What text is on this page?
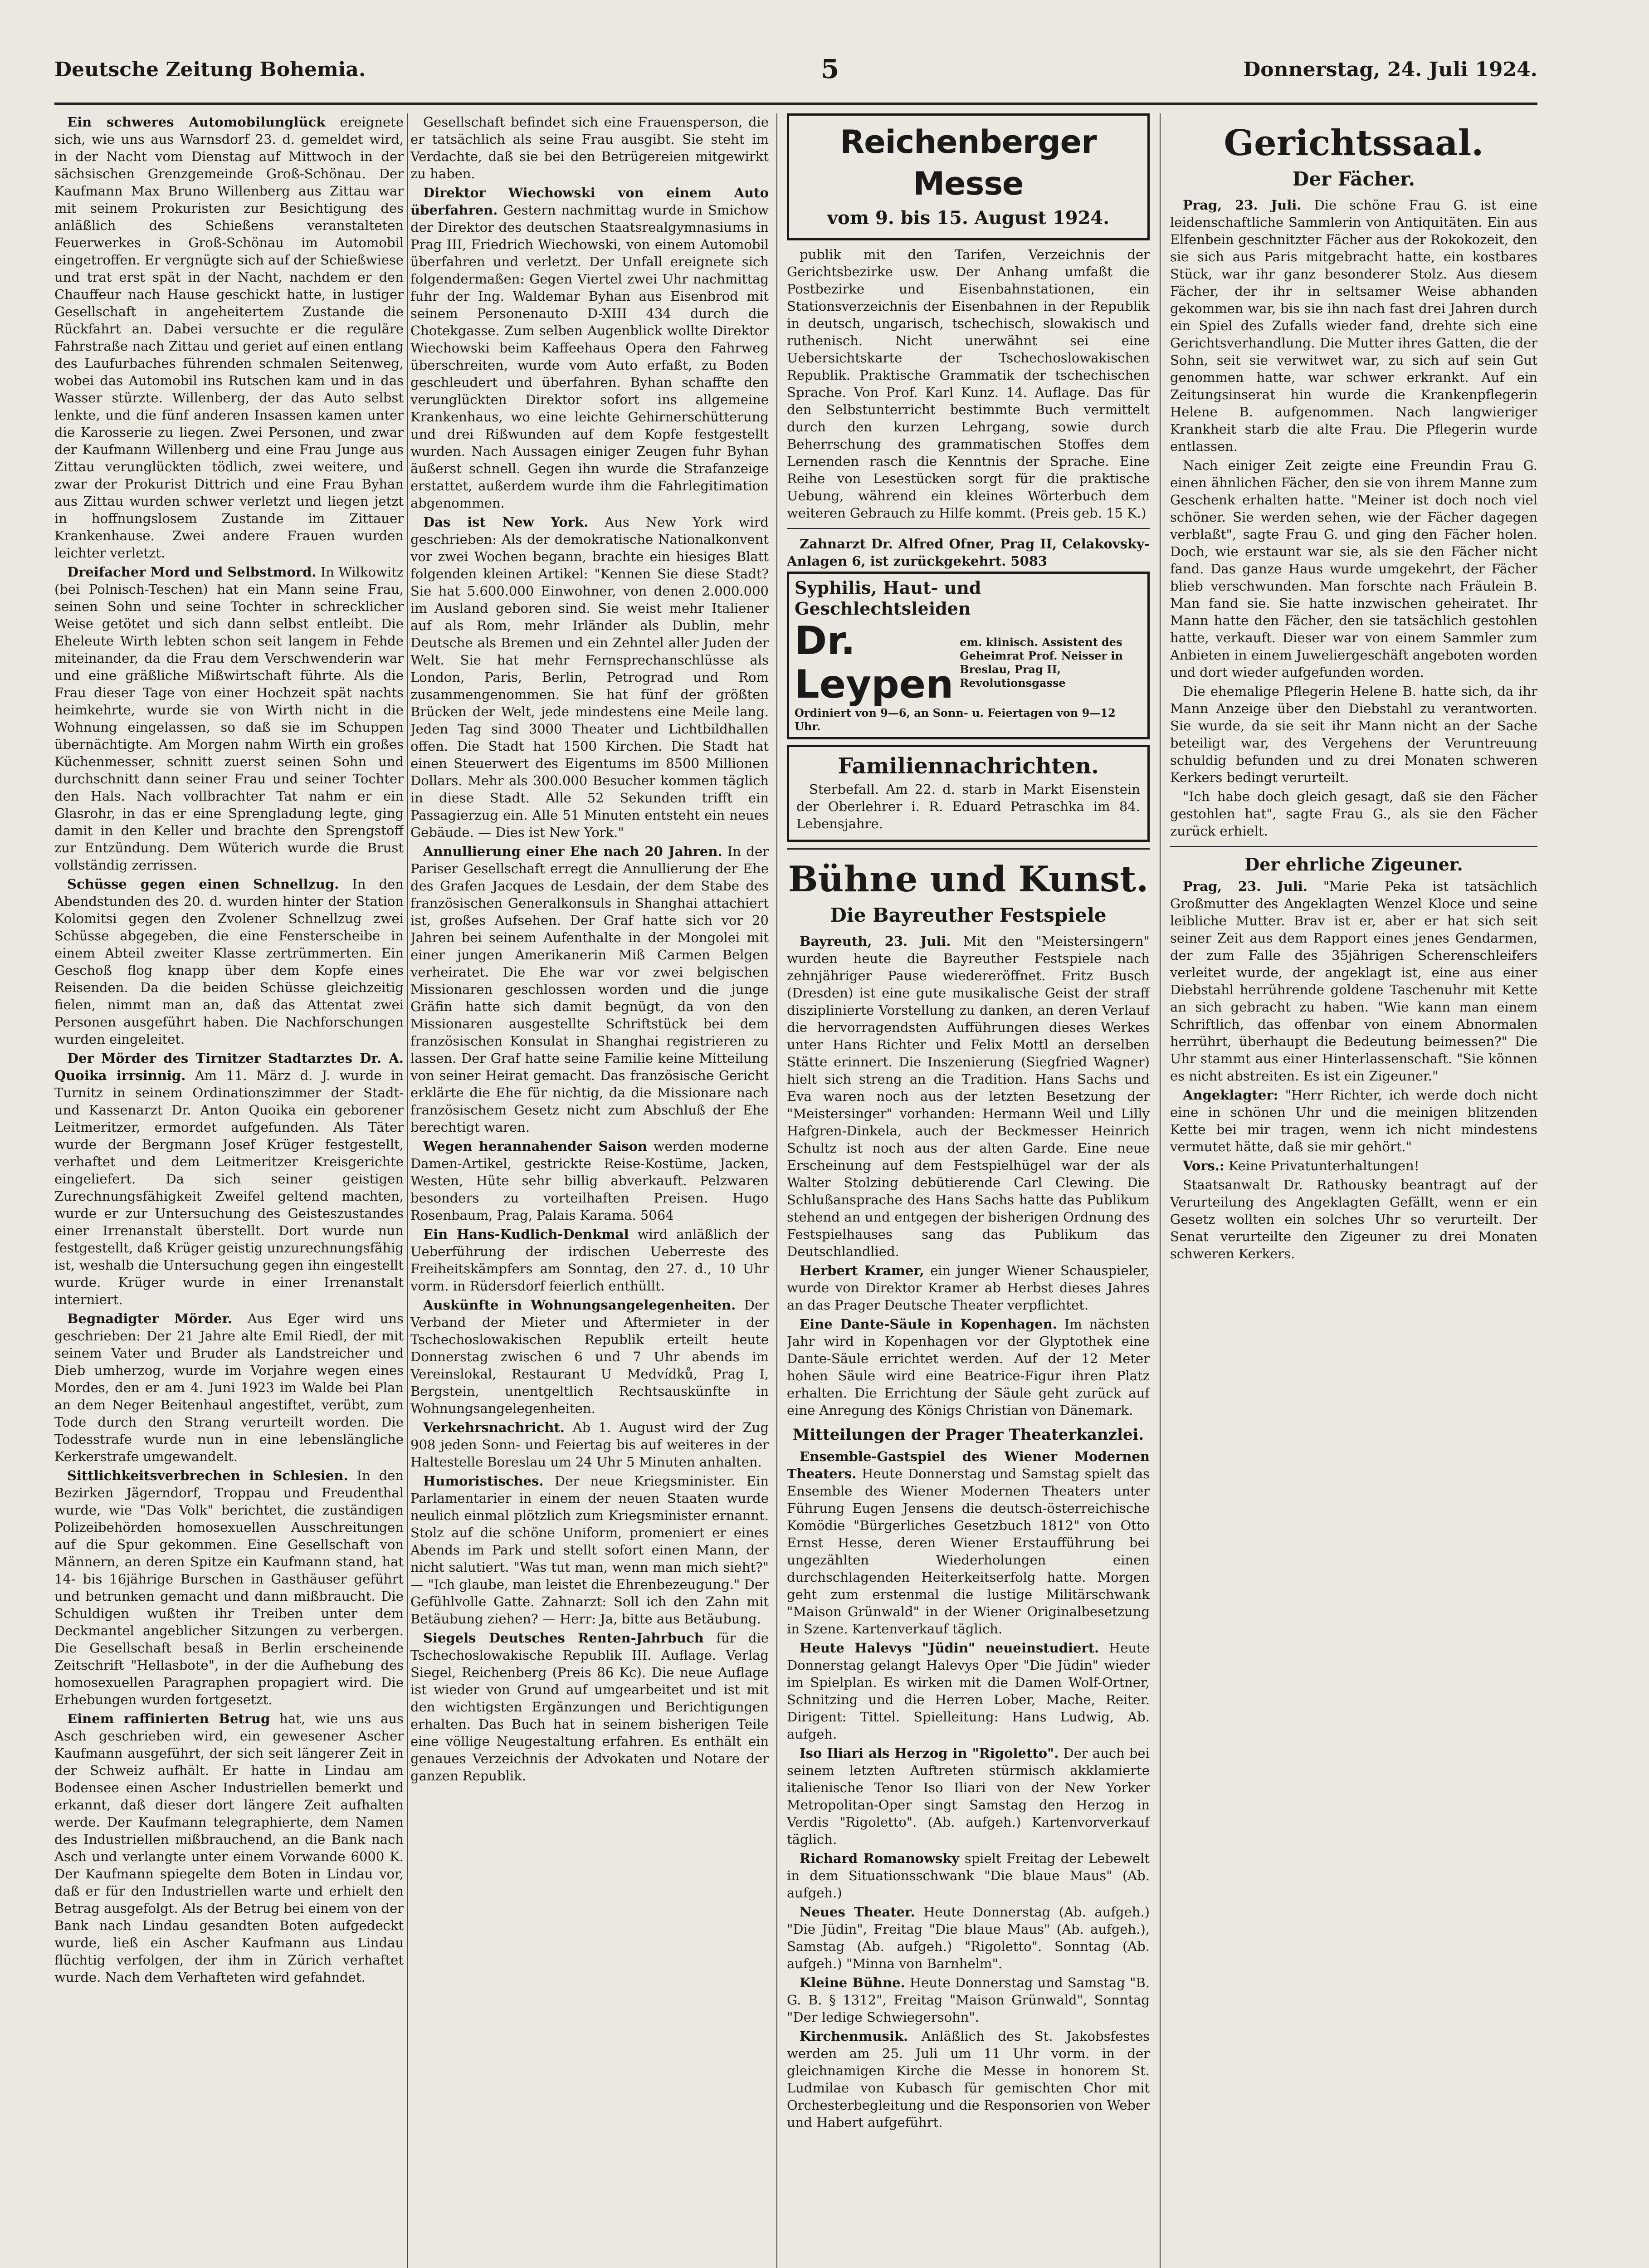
Deutsche Zeitung Bohemia.	5	Donnerstag, 24. Juli 1924.

Ein schweres Automobilunglück ereignete sich, wie uns aus Warnsdorf 23. d. gemeldet wird, in der Nacht vom Dienstag auf Mittwoch in der sächsischen Grenzgemeinde Groß-Schönau. Der Kaufmann Max Bruno Willenberg aus Zittau war mit seinem Prokuristen zur Besichtigung des anläßlich des Schießens veranstalteten Feuerwerkes in Groß-Schönau im Automobil eingetroffen. Er vergnügte sich auf der Schießwiese und trat erst spät in der Nacht, nachdem er den Chauffeur nach Hause geschickt hatte, in lustiger Gesellschaft in angeheitertem Zustande die Rückfahrt an. Dabei versuchte er die reguläre Fahrstraße nach Zittau und geriet auf einen entlang des Laufurbaches führenden schmalen Seitenweg, wobei das Automobil ins Rutschen kam und in das Wasser stürzte. Willenberg, der das Auto selbst lenkte, und die fünf anderen Insassen kamen unter die Karosserie zu liegen. Zwei Personen, und zwar der Kaufmann Willenberg und eine Frau Junge aus Zittau verunglückten tödlich, zwei weitere, und zwar der Prokurist Dittrich und eine Frau Byhan aus Zittau wurden schwer verletzt und liegen jetzt in hoffnungslosem Zustande im Zittauer Krankenhause. Zwei andere Frauen wurden leichter verletzt.

Dreifacher Mord und Selbstmord. In Wilkowitz (bei Polnisch-Teschen) hat ein Mann seine Frau, seinen Sohn und seine Tochter in schrecklicher Weise getötet und sich dann selbst entleibt. Die Eheleute Wirth lebten schon seit langem in Fehde miteinander, da die Frau dem Verschwenderin war und eine gräßliche Mißwirtschaft führte. Als die Frau dieser Tage von einer Hochzeit spät nachts heimkehrte, wurde sie von Wirth nicht in die Wohnung eingelassen, so daß sie im Schuppen übernächtigte. Am Morgen nahm Wirth ein großes Küchenmesser, schnitt zuerst seinen Sohn und durchschnitt dann seiner Frau und seiner Tochter den Hals. Nach vollbrachter Tat nahm er ein Glasrohr, in das er eine Sprengladung legte, ging damit in den Keller und brachte den Sprengstoff zur Entzündung. Dem Wüterich wurde die Brust vollständig zerrissen.

Schüsse gegen einen Schnellzug. In den Abendstunden des 20. d. wurden hinter der Station Kolomitsi gegen den Zvolener Schnellzug zwei Schüsse abgegeben, die eine Fensterscheibe in einem Abteil zweiter Klasse zertrümmerten. Ein Geschoß flog knapp über dem Kopfe eines Reisenden. Da die beiden Schüsse gleichzeitig fielen, nimmt man an, daß das Attentat zwei Personen ausgeführt haben. Die Nachforschungen wurden eingeleitet.

Der Mörder des Tirnitzer Stadtarztes Dr. A. Quoika irrsinnig. Am 11. März d. J. wurde in Turnitz in seinem Ordinationszimmer der Stadt- und Kassenarzt Dr. Anton Quoika ein geborener Leitmeritzer, ermordet aufgefunden. Als Täter wurde der Bergmann Josef Krüger festgestellt, verhaftet und dem Leitmeritzer Kreisgerichte eingeliefert. Da sich seiner geistigen Zurechnungsfähigkeit Zweifel geltend machten, wurde er zur Untersuchung des Geisteszustandes einer Irrenanstalt überstellt. Dort wurde nun festgestellt, daß Krüger geistig unzurechnungsfähig ist, weshalb die Untersuchung gegen ihn eingestellt wurde. Krüger wurde in einer Irrenanstalt interniert.

Begnadigter Mörder. Aus Eger wird uns geschrieben: Der 21 Jahre alte Emil Riedl, der mit seinem Vater und Bruder als Landstreicher und Dieb umherzog, wurde im Vorjahre wegen eines Mordes, den er am 4. Juni 1923 im Walde bei Plan an dem Neger Beitenhaul angestiftet, verübt, zum Tode durch den Strang verurteilt worden. Die Todesstrafe wurde nun in eine lebenslängliche Kerkerstrafe umgewandelt.

Sittlichkeitsverbrechen in Schlesien. In den Bezirken Jägerndorf, Troppau und Freudenthal wurde, wie "Das Volk" berichtet, die zuständigen Polizeibehörden homosexuellen Ausschreitungen auf die Spur gekommen. Eine Gesellschaft von Männern, an deren Spitze ein Kaufmann stand, hat 14- bis 16jährige Burschen in Gasthäuser geführt und betrunken gemacht und dann mißbraucht. Die Schuldigen wußten ihr Treiben unter dem Deckmantel angeblicher Sitzungen zu verbergen. Die Gesellschaft besaß in Berlin erscheinende Zeitschrift "Hellasbote", in der die Aufhebung des homosexuellen Paragraphen propagiert wird. Die Erhebungen wurden fortgesetzt.

Einem raffinierten Betrug hat, wie uns aus Asch geschrieben wird, ein gewesener Ascher Kaufmann ausgeführt, der sich seit längerer Zeit in der Schweiz aufhält. Er hatte in Lindau am Bodensee einen Ascher Industriellen bemerkt und erkannt, daß dieser dort längere Zeit aufhalten werde. Der Kaufmann telegraphierte, dem Namen des Industriellen mißbrauchend, an die Bank nach Asch und verlangte unter einem Vorwande 6000 K. Der Kaufmann spiegelte dem Boten in Lindau vor, daß er für den Industriellen warte und erhielt den Betrag ausgefolgt. Als der Betrug bei einem von der Bank nach Lindau gesandten Boten aufgedeckt wurde, ließ ein Ascher Kaufmann aus Lindau flüchtig verfolgen, der ihm in Zürich verhaftet wurde. Nach dem Verhafteten wird gefahndet.

Gesellschaft befindet sich eine Frauensperson, die er tatsächlich als seine Frau ausgibt. Sie steht im Verdachte, daß sie bei den Betrügereien mitgewirkt zu haben.

Direktor Wiechowski von einem Auto überfahren. Gestern nachmittag wurde in Smichow der Direktor des deutschen Staatsrealgymnasiums in Prag III, Friedrich Wiechowski, von einem Automobil überfahren und verletzt. Der Unfall ereignete sich folgendermaßen: Gegen Viertel zwei Uhr nachmittag fuhr der Ing. Waldemar Byhan aus Eisenbrod mit seinem Personenauto D-XIII 434 durch die Chotekgasse. Zum selben Augenblick wollte Direktor Wiechowski beim Kaffeehaus Opera den Fahrweg überschreiten, wurde vom Auto erfaßt, zu Boden geschleudert und überfahren. Byhan schaffte den verunglückten Direktor sofort ins allgemeine Krankenhaus, wo eine leichte Gehirnerschütterung und drei Rißwunden auf dem Kopfe festgestellt wurden. Nach Aussagen einiger Zeugen fuhr Byhan äußerst schnell. Gegen ihn wurde die Strafanzeige erstattet, außerdem wurde ihm die Fahrlegitimation abgenommen.

Das ist New York. Aus New York wird geschrieben: Als der demokratische Nationalkonvent vor zwei Wochen begann, brachte ein hiesiges Blatt folgenden kleinen Artikel: "Kennen Sie diese Stadt? Sie hat 5.600.000 Einwohner, von denen 2.000.000 im Ausland geboren sind. Sie weist mehr Italiener auf als Rom, mehr Irländer als Dublin, mehr Deutsche als Bremen und ein Zehntel aller Juden der Welt. Sie hat mehr Fernsprechanschlüsse als London, Paris, Berlin, Petrograd und Rom zusammengenommen. Sie hat fünf der größten Brücken der Welt, jede mindestens eine Meile lang. Jeden Tag sind 3000 Theater und Lichtbildhallen offen. Die Stadt hat 1500 Kirchen. Die Stadt hat einen Steuerwert des Eigentums im 8500 Millionen Dollars. Mehr als 300.000 Besucher kommen täglich in diese Stadt. Alle 52 Sekunden trifft ein Passagierzug ein. Alle 51 Minuten entsteht ein neues Gebäude. — Dies ist New York."

Annullierung einer Ehe nach 20 Jahren. In der Pariser Gesellschaft erregt die Annullierung der Ehe des Grafen Jacques de Lesdain, der dem Stabe des französischen Generalkonsuls in Shanghai attachiert ist, großes Aufsehen. Der Graf hatte sich vor 20 Jahren bei seinem Aufenthalte in der Mongolei mit einer jungen Amerikanerin Miß Carmen Belgen verheiratet. Die Ehe war vor zwei belgischen Missionaren geschlossen worden und die junge Gräfin hatte sich damit begnügt, da von den Missionaren ausgestellte Schriftstück bei dem französischen Konsulat in Shanghai registrieren zu lassen. Der Graf hatte seine Familie keine Mitteilung von seiner Heirat gemacht. Das französische Gericht erklärte die Ehe für nichtig, da die Missionare nach französischem Gesetz nicht zum Abschluß der Ehe berechtigt waren.

Wegen herannahender Saison werden moderne Damen-Artikel, gestrickte Reise-Kostüme, Jacken, Westen, Hüte sehr billig abverkauft. Pelzwaren besonders zu vorteilhaften Preisen. Hugo Rosenbaum, Prag, Palais Karama. 5064

Ein Hans-Kudlich-Denkmal wird anläßlich der Ueberführung der irdischen Ueberreste des Freiheitskämpfers am Sonntag, den 27. d., 10 Uhr vorm. in Rüdersdorf feierlich enthüllt.

Auskünfte in Wohnungsangelegenheiten. Der Verband der Mieter und Aftermieter in der Tschechoslowakischen Republik erteilt heute Donnerstag zwischen 6 und 7 Uhr abends im Vereinslokal, Restaurant U Medvídků, Prag I, Bergstein, unentgeltlich Rechtsauskünfte in Wohnungsangelegenheiten.

Verkehrsnachricht. Ab 1. August wird der Zug 908 jeden Sonn- und Feiertag bis auf weiteres in der Haltestelle Boreslau um 24 Uhr 5 Minuten anhalten.

Humoristisches. Der neue Kriegsminister. Ein Parlamentarier in einem der neuen Staaten wurde neulich einmal plötzlich zum Kriegsminister ernannt. Stolz auf die schöne Uniform, promeniert er eines Abends im Park und stellt sofort einen Mann, der nicht salutiert. "Was tut man, wenn man mich sieht?" — "Ich glaube, man leistet die Ehrenbezeugung." Der Gefühlvolle Gatte. Zahnarzt: Soll ich den Zahn mit Betäubung ziehen? — Herr: Ja, bitte aus Betäubung.

Siegels Deutsches Renten-Jahrbuch für die Tschechoslowakische Republik III. Auflage. Verlag Siegel, Reichenberg (Preis 86 Kc). Die neue Auflage ist wieder von Grund auf umgearbeitet und ist mit den wichtigsten Ergänzungen und Berichtigungen erhalten. Das Buch hat in seinem bisherigen Teile eine völlige Neugestaltung erfahren. Es enthält ein genaues Verzeichnis der Advokaten und Notare der ganzen Republik.

Reichenberger Messe
vom 9. bis 15. August 1924.

publik mit den Tarifen, Verzeichnis der Gerichtsbezirke usw. Der Anhang umfaßt die Postbezirke und Eisenbahnstationen, ein Stationsverzeichnis der Eisenbahnen in der Republik in deutsch, ungarisch, tschechisch, slowakisch und ruthenisch. Nicht unerwähnt sei eine Uebersichtskarte der Tschechoslowakischen Republik. Praktische Grammatik der tschechischen Sprache. Von Prof. Karl Kunz. 14. Auflage. Das für den Selbstunterricht bestimmte Buch vermittelt durch den kurzen Lehrgang, sowie durch Beherrschung des grammatischen Stoffes dem Lernenden rasch die Kenntnis der Sprache. Eine Reihe von Lesestücken sorgt für die praktische Uebung, während ein kleines Wörterbuch dem weiteren Gebrauch zu Hilfe kommt. (Preis geb. 15 K.)

Zahnarzt Dr. Alfred Ofner, Prag II, Celakovsky-Anlagen 6, ist zurückgekehrt. 5083

Syphilis, Haut- und Geschlechtsleiden
Dr. Leypen
em. klinisch. Assistent des Geheimrat Prof. Neisser in Breslau, Prag II, Revolutionsgasse
Ordiniert von 9—6, an Sonn- u. Feiertagen von 9—12 Uhr.
Familiennachrichten.

Sterbefall. Am 22. d. starb in Markt Eisenstein der Oberlehrer i. R. Eduard Petraschka im 84. Lebensjahre.

Bühne und Kunst.
Die Bayreuther Festspiele

Bayreuth, 23. Juli. Mit den "Meistersingern" wurden heute die Bayreuther Festspiele nach zehnjähriger Pause wiedereröffnet. Fritz Busch (Dresden) ist eine gute musikalische Geist der straff disziplinierte Vorstellung zu danken, an deren Verlauf die hervorragendsten Aufführungen dieses Werkes unter Hans Richter und Felix Mottl an derselben Stätte erinnert. Die Inszenierung (Siegfried Wagner) hielt sich streng an die Tradition. Hans Sachs und Eva waren noch aus der letzten Besetzung der "Meistersinger" vorhanden: Hermann Weil und Lilly Hafgren-Dinkela, auch der Beckmesser Heinrich Schultz ist noch aus der alten Garde. Eine neue Erscheinung auf dem Festspielhügel war der als Walter Stolzing debütierende Carl Clewing. Die Schlußansprache des Hans Sachs hatte das Publikum stehend an und entgegen der bisherigen Ordnung des Festspielhauses sang das Publikum das Deutschlandlied.

Herbert Kramer, ein junger Wiener Schauspieler, wurde von Direktor Kramer ab Herbst dieses Jahres an das Prager Deutsche Theater verpflichtet.

Eine Dante-Säule in Kopenhagen. Im nächsten Jahr wird in Kopenhagen vor der Glyptothek eine Dante-Säule errichtet werden. Auf der 12 Meter hohen Säule wird eine Beatrice-Figur ihren Platz erhalten. Die Errichtung der Säule geht zurück auf eine Anregung des Königs Christian von Dänemark.

Mitteilungen der Prager Theaterkanzlei.

Ensemble-Gastspiel des Wiener Modernen Theaters. Heute Donnerstag und Samstag spielt das Ensemble des Wiener Modernen Theaters unter Führung Eugen Jensens die deutsch-österreichische Komödie "Bürgerliches Gesetzbuch 1812" von Otto Ernst Hesse, deren Wiener Erstaufführung bei ungezählten Wiederholungen einen durchschlagenden Heiterkeitserfolg hatte. Morgen geht zum erstenmal die lustige Militärschwank "Maison Grünwald" in der Wiener Originalbesetzung in Szene. Kartenverkauf täglich.

Heute Halevys "Jüdin" neueinstudiert. Heute Donnerstag gelangt Halevys Oper "Die Jüdin" wieder im Spielplan. Es wirken mit die Damen Wolf-Ortner, Schnitzing und die Herren Lober, Mache, Reiter. Dirigent: Tittel. Spielleitung: Hans Ludwig, Ab. aufgeh.

Iso Iliari als Herzog in "Rigoletto". Der auch bei seinem letzten Auftreten stürmisch akklamierte italienische Tenor Iso Iliari von der New Yorker Metropolitan-Oper singt Samstag den Herzog in Verdis "Rigoletto". (Ab. aufgeh.) Kartenvorverkauf täglich.

Richard Romanowsky spielt Freitag der Lebewelt in dem Situationsschwank "Die blaue Maus" (Ab. aufgeh.)

Neues Theater. Heute Donnerstag (Ab. aufgeh.) "Die Jüdin", Freitag "Die blaue Maus" (Ab. aufgeh.), Samstag (Ab. aufgeh.) "Rigoletto". Sonntag (Ab. aufgeh.) "Minna von Barnhelm".

Kleine Bühne. Heute Donnerstag und Samstag "B. G. B. § 1312", Freitag "Maison Grünwald", Sonntag "Der ledige Schwiegersohn".

Kirchenmusik. Anläßlich des St. Jakobsfestes werden am 25. Juli um 11 Uhr vorm. in der gleichnamigen Kirche die Messe in honorem St. Ludmilae von Kubasch für gemischten Chor mit Orchesterbegleitung und die Responsorien von Weber und Habert aufgeführt.

Gerichtssaal.
Der Fächer.

Prag, 23. Juli. Die schöne Frau G. ist eine leidenschaftliche Sammlerin von Antiquitäten. Ein aus Elfenbein geschnitzter Fächer aus der Rokokozeit, den sie sich aus Paris mitgebracht hatte, ein kostbares Stück, war ihr ganz besonderer Stolz. Aus diesem Fächer, der ihr in seltsamer Weise abhanden gekommen war, bis sie ihn nach fast drei Jahren durch ein Spiel des Zufalls wieder fand, drehte sich eine Gerichtsverhandlung. Die Mutter ihres Gatten, die der Sohn, seit sie verwitwet war, zu sich auf sein Gut genommen hatte, war schwer erkrankt. Auf ein Zeitungsinserat hin wurde die Krankenpflegerin Helene B. aufgenommen. Nach langwieriger Krankheit starb die alte Frau. Die Pflegerin wurde entlassen.

Nach einiger Zeit zeigte eine Freundin Frau G. einen ähnlichen Fächer, den sie von ihrem Manne zum Geschenk erhalten hatte. "Meiner ist doch noch viel schöner. Sie werden sehen, wie der Fächer dagegen verblaßt", sagte Frau G. und ging den Fächer holen. Doch, wie erstaunt war sie, als sie den Fächer nicht fand. Das ganze Haus wurde umgekehrt, der Fächer blieb verschwunden. Man forschte nach Fräulein B. Man fand sie. Sie hatte inzwischen geheiratet. Ihr Mann hatte den Fächer, den sie tatsächlich gestohlen hatte, verkauft. Dieser war von einem Sammler zum Anbieten in einem Juweliergeschäft angeboten worden und dort wieder aufgefunden worden.

Die ehemalige Pflegerin Helene B. hatte sich, da ihr Mann Anzeige über den Diebstahl zu verantworten. Sie wurde, da sie seit ihr Mann nicht an der Sache beteiligt war, des Vergehens der Veruntreuung schuldig befunden und zu drei Monaten schweren Kerkers bedingt verurteilt.

"Ich habe doch gleich gesagt, daß sie den Fächer gestohlen hat", sagte Frau G., als sie den Fächer zurück erhielt.

Der ehrliche Zigeuner.

Prag, 23. Juli. "Marie Peka ist tatsächlich Großmutter des Angeklagten Wenzel Kloce und seine leibliche Mutter. Brav ist er, aber er hat sich seit seiner Zeit aus dem Rapport eines jenes Gendarmen, der zum Falle des 35jährigen Scherenschleifers verleitet wurde, der angeklagt ist, eine aus einer Diebstahl herrührende goldene Taschenuhr mit Kette an sich gebracht zu haben. "Wie kann man einem Schriftlich, das offenbar von einem Abnormalen herrührt, überhaupt die Bedeutung beimessen?" Die Uhr stammt aus einer Hinterlassenschaft. "Sie können es nicht abstreiten. Es ist ein Zigeuner."

Angeklagter: "Herr Richter, ich werde doch nicht eine in schönen Uhr und die meinigen blitzenden Kette bei mir tragen, wenn ich nicht mindestens vermutet hätte, daß sie mir gehört."

Vors.: Keine Privatunterhaltungen!

Staatsanwalt Dr. Rathousky beantragt auf der Verurteilung des Angeklagten Gefällt, wenn er ein Gesetz wollten ein solches Uhr so verurteilt. Der Senat verurteilte den Zigeuner zu drei Monaten schweren Kerkers.
